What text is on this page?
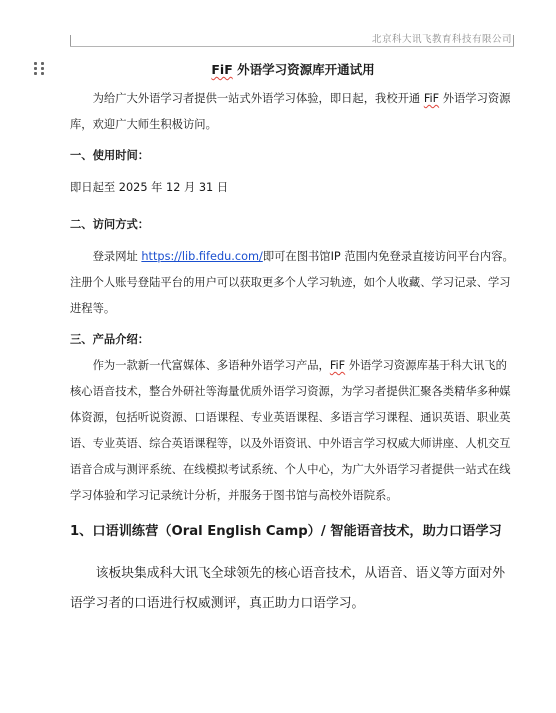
北京科大讯飞教育科技有限公司
FiF 外语学习资源库开通试用

为给广大外语学习者提供一站式外语学习体验，即日起，我校开通 FiF 外语学习资源库，欢迎广大师生积极访问。

一、使用时间：

即日起至 2025 年 12 月 31 日

二、访问方式：

登录网址 https://lib.fifedu.com/即可在图书馆IP 范围内免登录直接访问平台内容。注册个人账号登陆平台的用户可以获取更多个人学习轨迹，如个人收藏、学习记录、学习进程等。

三、产品介绍：

作为一款新一代富媒体、多语种外语学习产品，FiF 外语学习资源库基于科大讯飞的核心语音技术，整合外研社等海量优质外语学习资源，为学习者提供汇聚各类精华多种媒体资源，包括听说资源、口语课程、专业英语课程、多语言学习课程、通识英语、职业英语、专业英语、综合英语课程等，以及外语资讯、中外语言学习权威大师讲座、人机交互语音合成与测评系统、在线模拟考试系统、个人中心，为广大外语学习者提供一站式在线学习体验和学习记录统计分析，并服务于图书馆与高校外语院系。

1、口语训练营（Oral English Camp）/ 智能语音技术，助力口语学习

该板块集成科大讯飞全球领先的核心语音技术，从语音、语义等方面对外语学习者的口语进行权威测评，真正助力口语学习。
